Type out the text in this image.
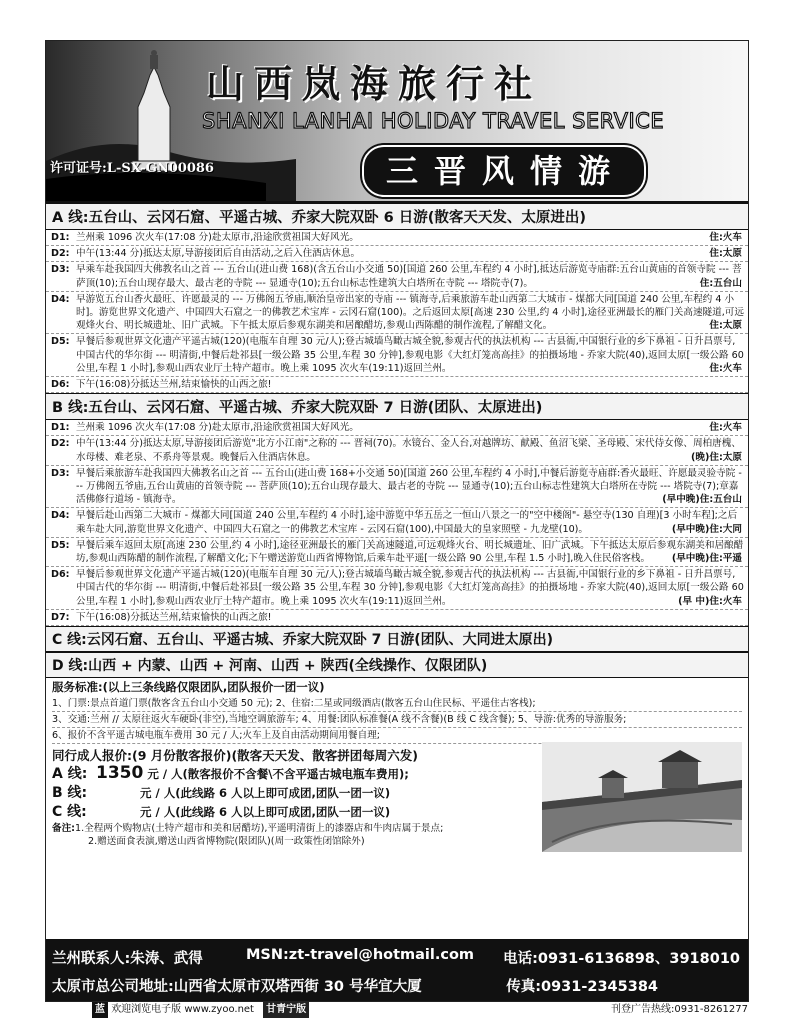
山西岚海旅行社
SHANXI LANHAI HOLIDAY TRAVEL SERVICE
许可证号:L-SX-GN00086	三晋风情游
A 线:五台山、云冈石窟、平遥古城、乔家大院双卧 6 日游(散客天天发、太原进出)
D1: 兰州乘 1096 次火车(17:08 分)赴太原市,沿途欣赏祖国大好风光。	住:火车
D2: 中午(13:44 分)抵达太原,导游接团后自由活动,之后入住酒店休息。	住:太原
D3: 早乘车赴我国四大佛教名山之首 --- 五台山(进山费 168)(含五台山小交通 50)[国道 260 公里,车程约 4 小时],抵达后游览寺庙群:五台山黄庙的首领寺院 --- 菩萨顶(10);五台山现存最大、最古老的寺院 --- 显通寺(10);五台山标志性建筑大白塔所在寺院 --- 塔院寺(7)。	住:五台山
D4: 早游览五台山香火最旺、许愿最灵的 --- 万佛阁五爷庙,顺治皇帝出家的寺庙 --- 镇海寺,后乘旅游车赴山西第二大城市 - 煤都大同[国道 240 公里,车程约 4 小时]。游览世界文化遗产、中国四大石窟之一的佛教艺术宝库 - 云冈石窟(100)。之后返回太原[高速 230 公里,约 4 小时],途径亚洲最长的雁门关高速隧道,可远观烽火台、明长城遗址、旧广武城。下午抵太原后参观东湖美和居酿醋坊,参观山西陈醋的制作流程,了解醋文化。	住:太原
D5: 早餐后参观世界文化遗产平遥古城(120)(电瓶车自理 30 元/人);登古城墙鸟瞰古城全貌,参观古代的执法机构 --- 古县衙,中国银行业的乡下鼻祖 - 日升昌票号,中国古代的华尔街 --- 明清街,中餐后赴祁县[一级公路 35 公里,车程 30 分钟],参观电影《大红灯笼高高挂》的拍摄场地 - 乔家大院(40),返回太原[一级公路 60 公里,车程 1 小时],参观山西农业厅土特产超市。晚上乘 1095 次火车(19:11)返回兰州。	住:火车
D6: 下午(16:08)分抵达兰州,结束愉快的山西之旅!
B 线:五台山、云冈石窟、平遥古城、乔家大院双卧 7 日游(团队、太原进出)
D1: 兰州乘 1096 次火车(17:08 分)赴太原市,沿途欣赏祖国大好风光。	住:火车
D2: 中午(13:44 分)抵达太原,导游接团后游览"北方小江南"之称的 --- 晋祠(70)。水镜台、金人台,对越牌坊、献殿、鱼沼飞梁、圣母殿、宋代侍女像、周柏唐槐、水母楼、难老泉、不系舟等景观。晚餐后入住酒店休息。	(晚)住:太原
D3: 早餐后乘旅游车赴我国四大佛教名山之首 --- 五台山(进山费 168+小交通 50)[国道 260 公里,车程约 4 小时],中餐后游览寺庙群:香火最旺、许愿最灵验寺院 --- 万佛阁五爷庙,五台山黄庙的首领寺院 --- 菩萨顶(10);五台山现存最大、最古老的寺院 --- 显通寺(10);五台山标志性建筑大白塔所在寺院 --- 塔院寺(7);章嘉活佛修行道场 - 镇海寺。	(早中晚)住:五台山
D4: 早餐后赴山西第二大城市 - 煤都大同[国道 240 公里,车程约 4 小时],途中游览中华五岳之一恒山八景之一的"空中楼阁"- 悬空寺(130 自理)[3 小时车程];之后乘车赴大同,游览世界文化遗产、中国四大石窟之一的佛教艺术宝库 - 云冈石窟(100),中国最大的皇家照壁 - 九龙壁(10)。	(早中晚)住:大同
D5: 早餐后乘车返回太原[高速 230 公里,约 4 小时],途径亚洲最长的雁门关高速隧道,可远观烽火台、明长城遗址、旧广武城。下午抵达太原后参观东湖美和居酿醋坊,参观山西陈醋的制作流程,了解醋文化;下午赠送游览山西省博物馆,后乘车赴平遥[一级公路 90 公里,车程 1.5 小时],晚入住民俗客栈。 (早中晚)住:平遥
D6: 早餐后参观世界文化遗产平遥古城(120)(电瓶车自理 30 元/人);登古城墙鸟瞰古城全貌,参观古代的执法机构 --- 古县衙,中国银行业的乡下鼻祖 - 日升昌票号,中国古代的华尔街 --- 明清街,中餐后赴祁县[一级公路 35 公里,车程 30 分钟],参观电影《大红灯笼高高挂》的拍摄场地 - 乔家大院(40),返回太原[一级公路 60 公里,车程 1 小时],参观山西农业厅土特产超市。晚上乘 1095 次火车(19:11)返回兰州。	(早 中)住:火车
D7: 下午(16:08)分抵达兰州,结束愉快的山西之旅!
C 线:云冈石窟、五台山、平遥古城、乔家大院双卧 7 日游(团队、大同进太原出)
D 线:山西 + 内蒙、山西 + 河南、山西 + 陕西(全线操作、仅限团队)
服务标准:(以上三条线路仅限团队,团队报价一团一议)
1、门票:景点首道门票(散客含五台山小交通 50 元); 2、住宿:二星或同级酒店(散客五台山住民标、平遥住古客栈);
3、交通:兰州 // 太原往返火车硬卧(非空),当地空调旅游车; 4、用餐:团队标准餐(A 线不含餐)(B 线 C 线含餐); 5、导游:优秀的导游服务;
6、报价不含平遥古城电瓶车费用 30 元 / 人;火车上及自由活动期间用餐自理;
同行成人报价:(9 月份散客报价)(散客天天发、散客拼团每周六发)
A 线: 1350 元 / 人(散客报价不含餐\不含平遥古城电瓶车费用);
B 线:	元 / 人(此线路 6 人以上即可成团,团队一团一议)
C 线:	元 / 人(此线路 6 人以上即可成团,团队一团一议)
备注:1.全程两个购物店(土特产超市和美和居醋坊),平遥明清街上的漆器店和牛肉店属于景点;
2.赠送面食表演,赠送山西省博物院(限团队)(周一政策性闭馆除外)
兰州联系人:朱涛、武得	MSN:zt-travel@hotmail.com 电话:0931-6136898、3918010
太原市总公司地址:山西省太原市双塔西街 30 号华宜大厦	传真:0931-2345384
蓝 欢迎浏览电子版 www.zyoo.net 甘青宁版	刊登广告热线:0931-8261277
